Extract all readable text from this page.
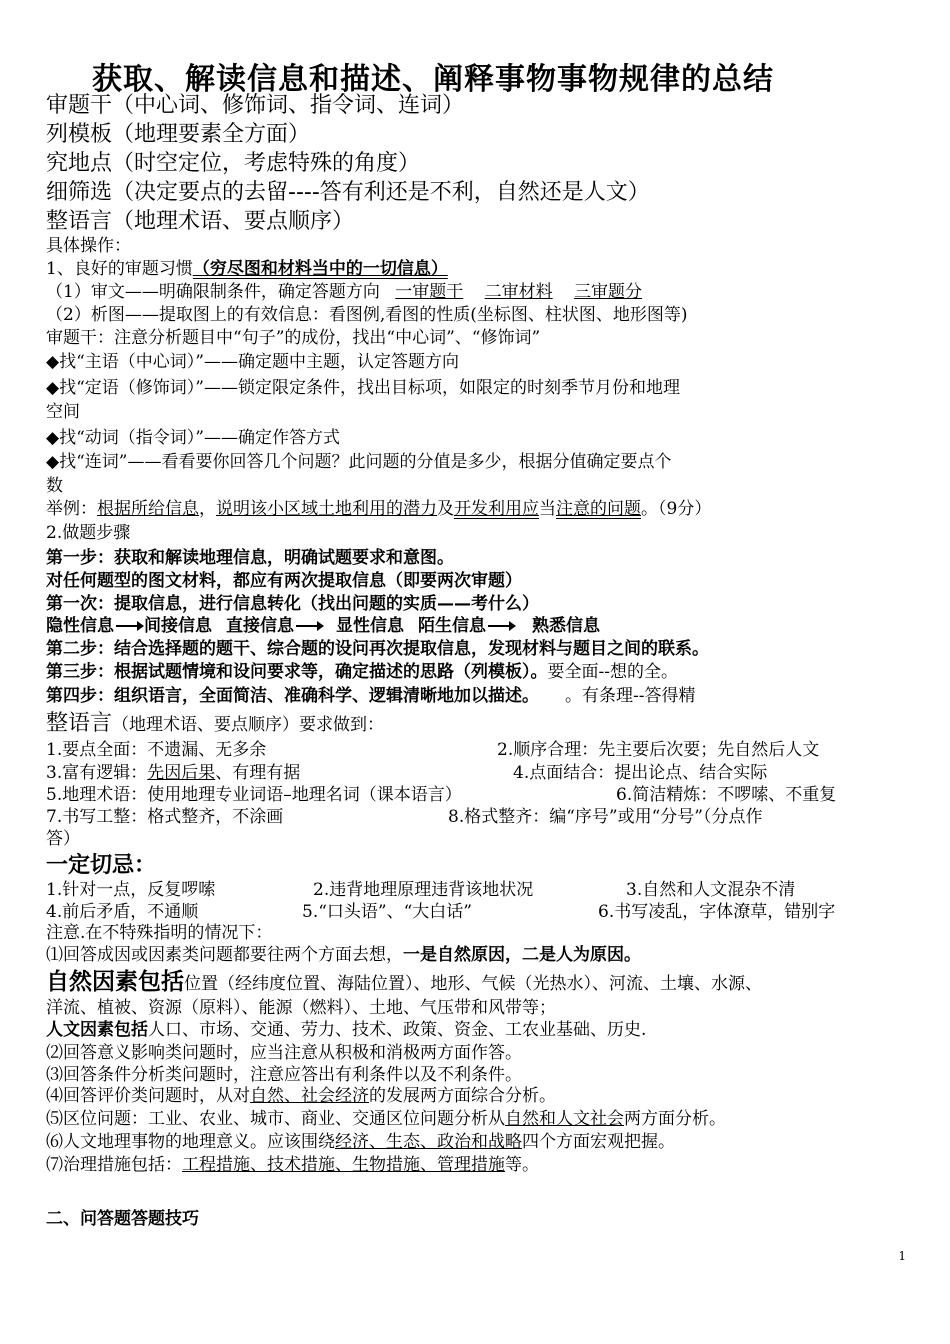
获取、解读信息和描述、阐释事物事物规律的总结
审题干（中心词、修饰词、指令词、连词）
列模板（地理要素全方面）
究地点（时空定位，考虑特殊的角度）
细筛选（决定要点的去留----答有利还是不利，自然还是人文）
整语言（地理术语、要点顺序）
具体操作：
1、良好的审题习惯（穷尽图和材料当中的一切信息）
（1）审文——明确限制条件，确定答题方向 一审题干 二审材料 三审题分
（2）析图——提取图上的有效信息：看图例,看图的性质(坐标图、柱状图、地形图等)
审题干：注意分析题目中“句子”的成份，找出“中心词”、“修饰词”
◆找“主语（中心词）”——确定题中主题，认定答题方向
◆找“定语（修饰词）”——锁定限定条件，找出目标项，如限定的时刻季节月份和地理
空间
◆找“动词（指令词）”——确定作答方式
◆找“连词”——看看要你回答几个问题？此问题的分值是多少，根据分值确定要点个
数
举例：根据所给信息，说明该小区域土地利用的潜力及开发利用应当注意的问题。（9分）
2.做题步骤
第一步：获取和解读地理信息，明确试题要求和意图。
对任何题型的图文材料，都应有两次提取信息（即要两次审题）
第一次：提取信息，进行信息转化（找出问题的实质——考什么）
隐性信息 间接信息 直接信息 显性信息 陌生信息	熟悉信息
第二步：结合选择题的题干、综合题的设问再次提取信息，发现材料与题目之间的联系。
第三步：根据试题情境和设问要求等，确定描述的思路（列模板）。要全面--想的全。
第四步：组织语言，全面简洁、准确科学、逻辑清晰地加以描述。 。有条理--答得精
整语言（地理术语、要点顺序）要求做到：
1.要点全面：不遗漏、无多余	2.顺序合理：先主要后次要；先自然后人文
3.富有逻辑：先因后果、有理有据	4.点面结合：提出论点、结合实际
5.地理术语：使用地理专业词语–地理名词（课本语言）	6.简洁精炼：不啰嗦、不重复
7.书写工整：格式整齐，不涂画	8.格式整齐：编“序号”或用“分号”（分点作
答）
一定切忌：
1.针对一点，反复啰嗦	2.违背地理原理违背该地状况	3.自然和人文混杂不清
4.前后矛盾，不通顺	5.“口头语”、“大白话”	6.书写凌乱，字体潦草，错别字
注意.在不特殊指明的情况下：
⑴回答成因或因素类问题都要往两个方面去想，一是自然原因，二是人为原因。
自然因素包括位置（经纬度位置、海陆位置）、地形、气候（光热水）、河流、土壤、水源、
洋流、植被、资源（原料）、能源（燃料）、土地、气压带和风带等；
人文因素包括人口、市场、交通、劳力、技术、政策、资金、工农业基础、历史.
⑵回答意义影响类问题时，应当注意从积极和消极两方面作答。
⑶回答条件分析类问题时，注意应答出有利条件以及不利条件。
⑷回答评价类问题时，从对自然、社会经济的发展两方面综合分析。
⑸区位问题：工业、农业、城市、商业、交通区位问题分析从自然和人文社会两方面分析。
⑹人文地理事物的地理意义。应该围绕经济、生态、政治和战略四个方面宏观把握。
⑺治理措施包括：工程措施、技术措施、生物措施、管理措施等。
二、问答题答题技巧
1
